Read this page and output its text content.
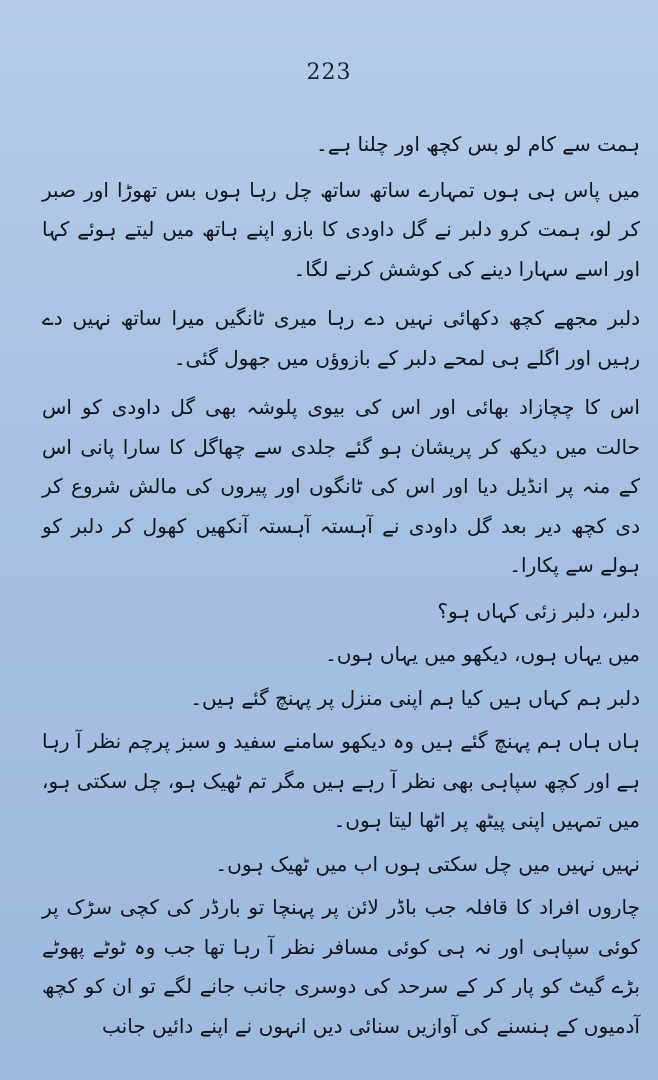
223

ہمت سے کام لو بس کچھ اور چلنا ہے۔

میں پاس ہی ہوں تمہارے ساتھ ساتھ چل رہا ہوں بس تھوڑا اور صبر کر لو، ہمت کرو دلبر نے گل داودی کا بازو اپنے ہاتھ میں لیتے ہوئے کہا اور اسے سہارا دینے کی کوشش کرنے لگا۔

دلبر مجھے کچھ دکھائی نہیں دے رہا میری ٹانگیں میرا ساتھ نہیں دے رہیں اور اگلے ہی لمحے دلبر کے بازوؤں میں جھول گئی۔

اس کا چچازاد بھائی اور اس کی بیوی پلوشہ بھی گل داودی کو اس حالت میں دیکھ کر پریشان ہو گئے جلدی سے چھاگل کا سارا پانی اس کے منہ پر انڈیل دیا اور اس کی ٹانگوں اور پیروں کی مالش شروع کر دی کچھ دیر بعد گل داودی نے آہستہ آہستہ آنکھیں کھول کر دلبر کو ہولے سے پکارا۔

دلبر، دلبر زئی کہاں ہو؟

میں یہاں ہوں، دیکھو میں یہاں ہوں۔

دلبر ہم کہاں ہیں کیا ہم اپنی منزل پر پہنچ گئے ہیں۔

ہاں ہاں ہم پہنچ گئے ہیں وہ دیکھو سامنے سفید و سبز پرچم نظر آ رہا ہے اور کچھ سپاہی بھی نظر آ رہے ہیں مگر تم ٹھیک ہو، چل سکتی ہو، میں تمہیں اپنی پیٹھ پر اٹھا لیتا ہوں۔

نہیں نہیں میں چل سکتی ہوں اب میں ٹھیک ہوں۔

چاروں افراد کا قافلہ جب باڈر لائن پر پہنچا تو بارڈر کی کچی سڑک پر کوئی سپاہی اور نہ ہی کوئی مسافر نظر آ رہا تھا جب وہ ٹوٹے پھوٹے بڑے گیٹ کو پار کر کے سرحد کی دوسری جانب جانے لگے تو ان کو کچھ آدمیوں کے ہنسنے کی آوازیں سنائی دیں انہوں نے اپنے دائیں جانب
